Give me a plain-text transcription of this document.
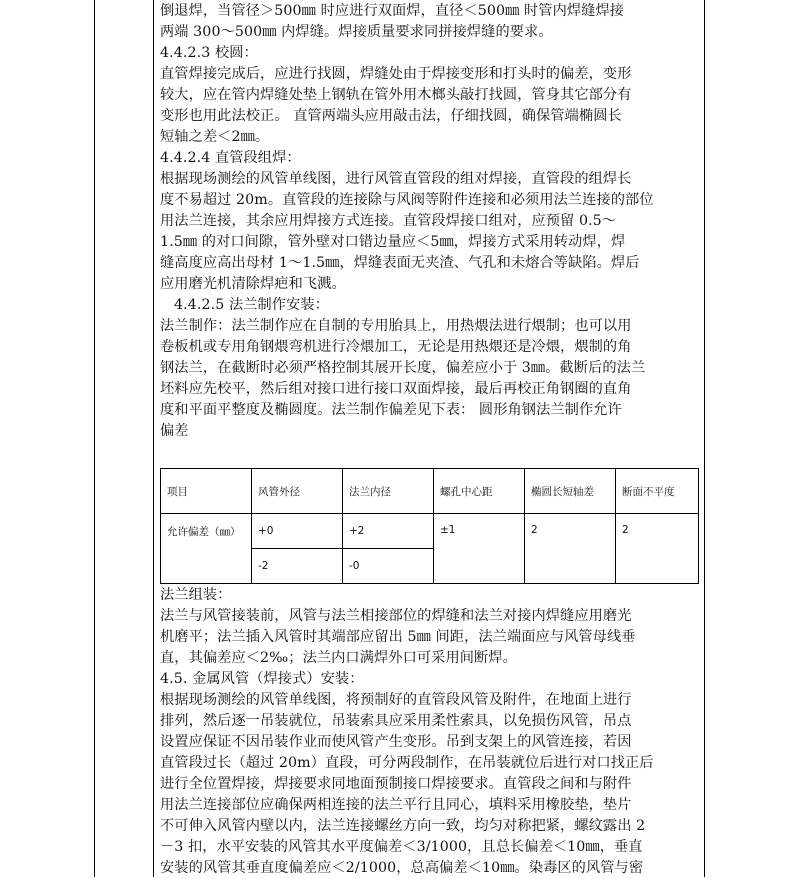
倒退焊，当管径＞500㎜ 时应进行双面焊，直径＜500㎜ 时管内焊缝焊接

两端 300～500㎜ 内焊缝。焊接质量要求同拼接焊缝的要求。

4.4.2.3 校圆：

直管焊接完成后，应进行找圆，焊缝处由于焊接变形和打头时的偏差，变形

较大，应在管内焊缝处垫上钢轨在管外用木榔头敲打找圆，管身其它部分有

变形也用此法校正。 直管两端头应用敲击法，仔细找圆，确保管端椭圆长

短轴之差＜2㎜。

4.4.2.4 直管段组焊：

根据现场测绘的风管单线图，进行风管直管段的组对焊接，直管段的组焊长

度不易超过 20m。直管段的连接除与风阀等附件连接和必须用法兰连接的部位

用法兰连接，其余应用焊接方式连接。直管段焊接口组对，应预留 0.5～

1.5㎜ 的对口间隙，管外壁对口错边量应＜5㎜，焊接方式采用转动焊，焊

缝高度应高出母材 1～1.5㎜，焊缝表面无夹渣、气孔和未熔合等缺陷。焊后

应用磨光机清除焊疤和飞溅。

4.4.2.5 法兰制作安装：

法兰制作：法兰制作应在自制的专用胎具上，用热煨法进行煨制；也可以用

卷板机或专用角钢煨弯机进行冷煨加工，无论是用热煨还是冷煨，煨制的角

钢法兰，在截断时必须严格控制其展开长度，偏差应小于 3㎜。截断后的法兰

坯料应先校平，然后组对接口进行接口双面焊接，最后再校正角钢圈的直角

度和平面平整度及椭圆度。法兰制作偏差见下表： 圆形角钢法兰制作允许

偏差

项目	风管外径	法兰内径	螺孔中心距	椭圆长短轴差	断面不平度
允许偏差（㎜）	+0	+2	±1	2	2
	-2	-0			

法兰组装：

法兰与风管接装前，风管与法兰相接部位的焊缝和法兰对接内焊缝应用磨光

机磨平；法兰插入风管时其端部应留出 5㎜ 间距，法兰端面应与风管母线垂

直，其偏差应＜2‰；法兰内口满焊外口可采用间断焊。

4.5. 金属风管（焊接式）安装：

根据现场测绘的风管单线图，将预制好的直管段风管及附件，在地面上进行

排列，然后逐一吊装就位，吊装索具应采用柔性索具，以免损伤风管，吊点

设置应保证不因吊装作业而使风管产生变形。吊到支架上的风管连接，若因

直管段过长（超过 20m）直段，可分两段制作，在吊装就位后进行对口找正后

进行全位置焊接，焊接要求同地面预制接口焊接要求。直管段之间和与附件

用法兰连接部位应确保两相连接的法兰平行且同心，填料采用橡胶垫，垫片

不可伸入风管内壁以内，法兰连接螺丝方向一致，均匀对称把紧，螺纹露出 2

－3 扣，水平安装的风管其水平度偏差＜3/1000，且总长偏差＜10㎜，垂直

安装的风管其垂直度偏差应＜2/1000，总高偏差＜10㎜。染毒区的风管与密
